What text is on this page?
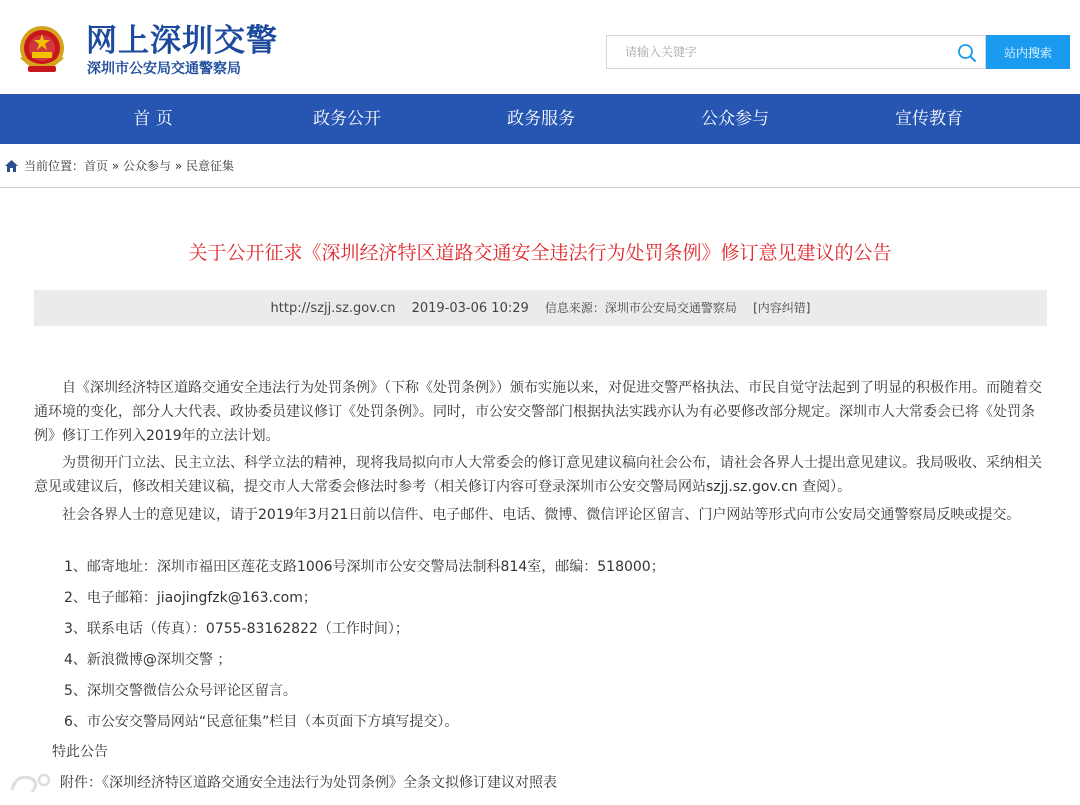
网上深圳交警
深圳市公安局交通警察局
请输入关键字
站内搜索
首 页	政务公开	政务服务	公众参与	宣传教育
当前位置：首页 » 公众参与 » 民意征集
关于公开征求《深圳经济特区道路交通安全违法行为处罚条例》修订意见建议的公告
http://szjj.sz.gov.cn 2019-03-06 10:29 信息来源：深圳市公安局交通警察局 [内容纠错]
自《深圳经济特区道路交通安全违法行为处罚条例》（下称《处罚条例》）颁布实施以来，对促进交警严格执法、市民自觉守法起到了明显的积极作用。而随着交通环境的变化，部分人大代表、政协委员建议修订《处罚条例》。同时，市公安交警部门根据执法实践亦认为有必要修改部分规定。深圳市人大常委会已将《处罚条例》修订工作列入2019年的立法计划。
为贯彻开门立法、民主立法、科学立法的精神，现将我局拟向市人大常委会的修订意见建议稿向社会公布，请社会各界人士提出意见建议。我局吸收、采纳相关意见或建议后，修改相关建议稿，提交市人大常委会修法时参考（相关修订内容可登录深圳市公安交警局网站szjj.sz.gov.cn 查阅）。
社会各界人士的意见建议，请于2019年3月21日前以信件、电子邮件、电话、微博、微信评论区留言、门户网站等形式向市公安局交通警察局反映或提交。
1、邮寄地址：深圳市福田区莲花支路1006号深圳市公安交警局法制科814室，邮编：518000；
2、电子邮箱：jiaojingfzk@163.com；
3、联系电话（传真）：0755-83162822（工作时间）；
4、新浪微博@深圳交警 ；
5、深圳交警微信公众号评论区留言。
6、市公安交警局网站“民意征集”栏目（本页面下方填写提交）。
特此公告
附件：《深圳经济特区道路交通安全违法行为处罚条例》全条文拟修订建议对照表
